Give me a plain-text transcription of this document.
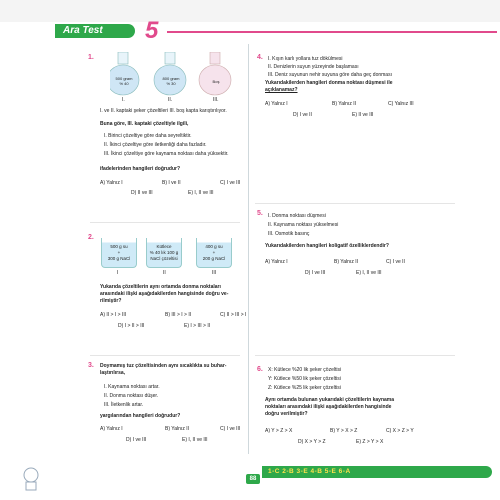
Ara Test	5
1.
500 gram
% 40
800 gram
% 30	Boş
I.	II.	III.
I. ve II. kaptaki şeker çözeltileri III. boş kapta karıştırılıyor.
Buna göre, III. kaptaki çözeltiyle ilgili,
I. Birinci çözeltiye göre daha seyreltiktir.
II. İkinci çözeltiye göre iletkenliği daha fazladır.
III. İkinci çözeltiye göre kaynama noktası daha yüksektir.
ifadelerinden hangileri doğrudur?
A) Yalnız I	B) I ve II	C) I ve III
D) II ve III	E) I, II ve III
2.
500 g su
+
300 g NaCl
Kütlece
% 40 lık 100 g
NaCl çözeltisi
400 g su
+
200 g NaCl
I	II	III
Yukarıda çözeltilerin aynı ortamda donma noktaları
arasındaki ilişki aşağıdakilerden hangisinde doğru ve-
rilmiştir?
A) II > I > III	B) III > I > II	C) II > III > I
D) I > II > III	E) I > III > II
3. Doymamış tuz çözeltisinden aynı sıcaklıkta su buhar-
laştırılırsa,
I. Kaynama noktası artar.
II. Donma noktası düşer.
III. İletkenlik artar.
yargılarından hangileri doğrudur?
A) Yalnız I	B) Yalnız II	C) I ve III
D) I ve III	E) I, II ve III
4. I. Kışın karlı yollara tuz dökülmesi
II. Denizlerin suyun yüzeyinde başlaması
III. Deniz suyunun nehir suyuna göre daha geç donması
Yukarıdakilerden hangileri donma noktası düşmesi ile
açıklanamaz?
A) Yalnız I	B) Yalnız II	C) Yalnız III
D) I ve II	E) II ve III
5. I. Donma noktası düşmesi
II. Kaynama noktası yükselmesi
III. Osmotik basınç
Yukarıdakilerden hangileri koligatif özelliklerdendir?
A) Yalnız I	B) Yalnız II	C) I ve II
D) I ve III	E) I, II ve III
6. X: Kütlece %20 lik şeker çözeltisi
Y: Kütlece %50 lik şeker çözeltisi
Z: Kütlece %25 lik şeker çözeltisi
Aynı ortamda bulunan yukarıdaki çözeltilerin kaynama
noktaları arasındaki ilişki aşağıdakilerden hangisinde
doğru verilmiştir?
A) Y > Z > X	B) Y > X > Z	C) X > Z > Y
D) X > Y > Z	E) Z > Y > X
88
1-C 2-B 3-E 4-B 5-E 6-A
